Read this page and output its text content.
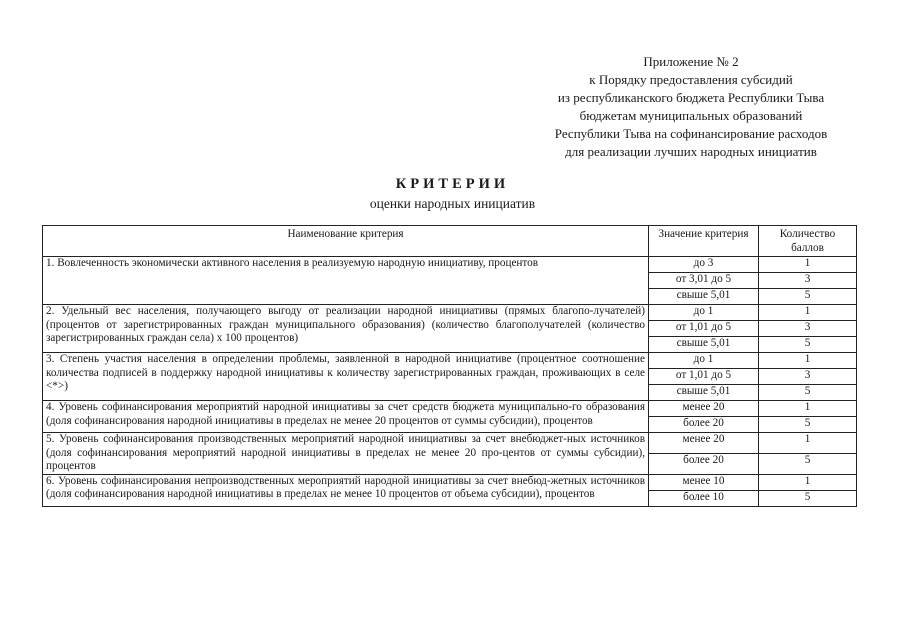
Приложение № 2
к Порядку предоставления субсидий
из республиканского бюджета Республики Тыва
бюджетам муниципальных образований
Республики Тыва на софинансирование расходов
для реализации лучших народных инициатив
КРИТЕРИИ
оценки народных инициатив
Наименование критерия	Значение критерия	Количество баллов
1. Вовлеченность экономически активного населения в реализуемую народную инициативу, процентов	до 3	1
	от 3,01 до 5	3
	свыше 5,01	5
2. Удельный вес населения, получающего выгоду от реализации народной инициативы (прямых благопо-лучателей) (процентов от зарегистрированных граждан муниципального образования) (количество благополучателей (количество зарегистрированных граждан села) х 100 процентов)	до 1	1
	от 1,01 до 5	3
	свыше 5,01	5
3. Степень участия населения в определении проблемы, заявленной в народной инициативе (процентное соотношение количества подписей в поддержку народной инициативы к количеству зарегистрированных граждан, проживающих в селе <*>)	до 1	1
	от 1,01 до 5	3
	свыше 5,01	5
4. Уровень софинансирования мероприятий народной инициативы за счет средств бюджета муниципально-го образования (доля софинансирования народной инициативы в пределах не менее 20 процентов от суммы субсидии), процентов	менее 20	1
	более 20	5
5. Уровень софинансирования производственных мероприятий народной инициативы за счет внебюджет-ных источников (доля софинансирования мероприятий народной инициативы в пределах не менее 20 про-центов от суммы субсидии), процентов	менее 20	1
	более 20	5
6. Уровень софинансирования непроизводственных мероприятий народной инициативы за счет внебюд-жетных источников (доля софинансирования народной инициативы в пределах не менее 10 процентов от объема субсидии), процентов	менее 10	1
	более 10	5
